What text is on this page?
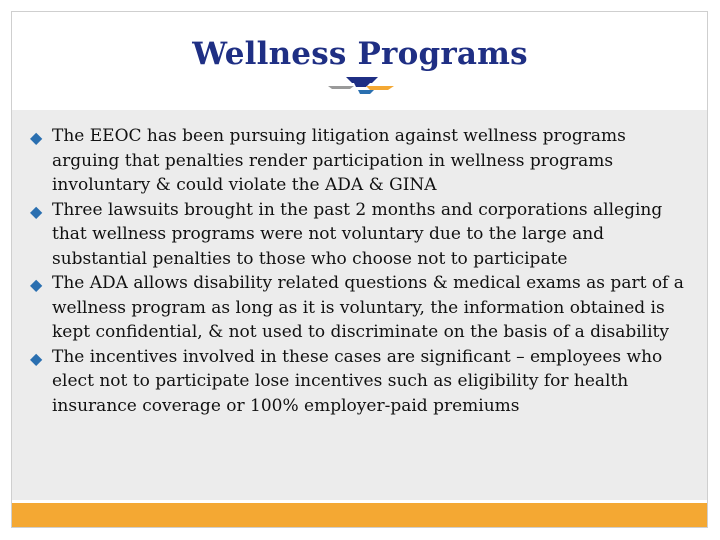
Wellness Programs
◆ The EEOC has been pursuing litigation against wellness programs arguing that penalties render participation in wellness programs involuntary & could violate the ADA & GINA
◆ Three lawsuits brought in the past 2 months and corporations alleging that wellness programs were not voluntary due to the large and substantial penalties to those who choose not to participate
◆ The ADA allows disability related questions & medical exams as part of a wellness program as long as it is voluntary, the information obtained is kept confidential, & not used to discriminate on the basis of a disability
◆ The incentives involved in these cases are significant – employees who elect not to participate lose incentives such as eligibility for health insurance coverage or 100% employer-paid premiums
